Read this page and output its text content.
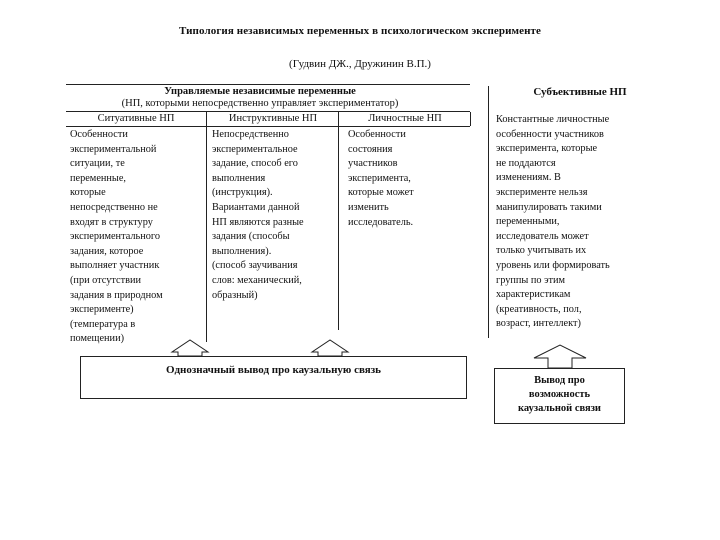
Типология независимых переменных в психологическом эксперименте
(Гудвин ДЖ., Дружинин В.П.)
Управляемые независимые переменные
(НП, которыми непосредственно управляет экспериментатор)
Ситуативные НП	Инструктивные НП	Личностные НП
Особенности
экспериментальной
ситуации, те
переменные,
которые
непосредственно не
входят в структуру
экспериментального
задания, которое
выполняет участник
(при отсутствии
задания в природном
эксперименте)
(температура в
помещении)
Непосредственно
экспериментальное
задание, способ его
выполнения
(инструкция).
Вариантами данной
НП являются разные
задания (способы
выполнения).
(способ заучивания
слов: механический,
образный)
Особенности
состояния
участников
эксперимента,
которые может
изменить
исследователь.
Субъективные НП
Константные личностные
особенности участников
эксперимента, которые
не поддаются
изменениям. В
эксперименте нельзя
манипулировать такими
переменными,
исследователь может
только учитывать их
уровень или формировать
группы по этим
характеристикам
(креативность, пол,
возраст, интеллект)
Однозначный вывод про каузальную связь
Вывод про
возможность
каузальной связи
